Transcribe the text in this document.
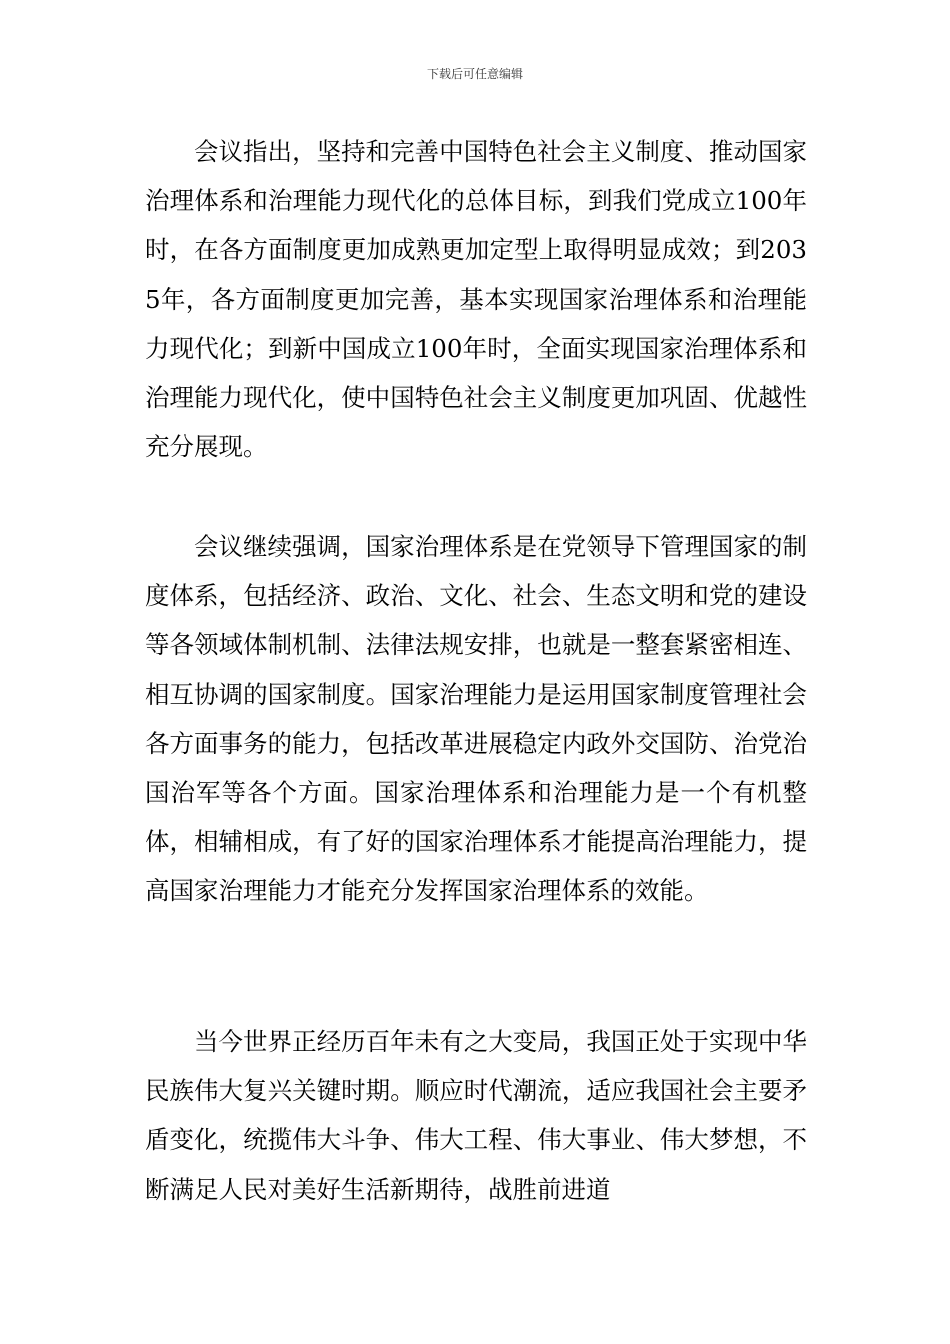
下载后可任意编辑

会议指出，坚持和完善中国特色社会主义制度、推动国家治理体系和治理能力现代化的总体目标，到我们党成立100年时，在各方面制度更加成熟更加定型上取得明显成效；到2035年，各方面制度更加完善，基本实现国家治理体系和治理能力现代化；到新中国成立100年时，全面实现国家治理体系和治理能力现代化，使中国特色社会主义制度更加巩固、优越性充分展现。

会议继续强调，国家治理体系是在党领导下管理国家的制度体系，包括经济、政治、文化、社会、生态文明和党的建设等各领域体制机制、法律法规安排，也就是一整套紧密相连、相互协调的国家制度。国家治理能力是运用国家制度管理社会各方面事务的能力，包括改革进展稳定内政外交国防、治党治国治军等各个方面。国家治理体系和治理能力是一个有机整体，相辅相成，有了好的国家治理体系才能提高治理能力，提高国家治理能力才能充分发挥国家治理体系的效能。

当今世界正经历百年未有之大变局，我国正处于实现中华民族伟大复兴关键时期。顺应时代潮流，适应我国社会主要矛盾变化，统揽伟大斗争、伟大工程、伟大事业、伟大梦想，不断满足人民对美好生活新期待，战胜前进道
